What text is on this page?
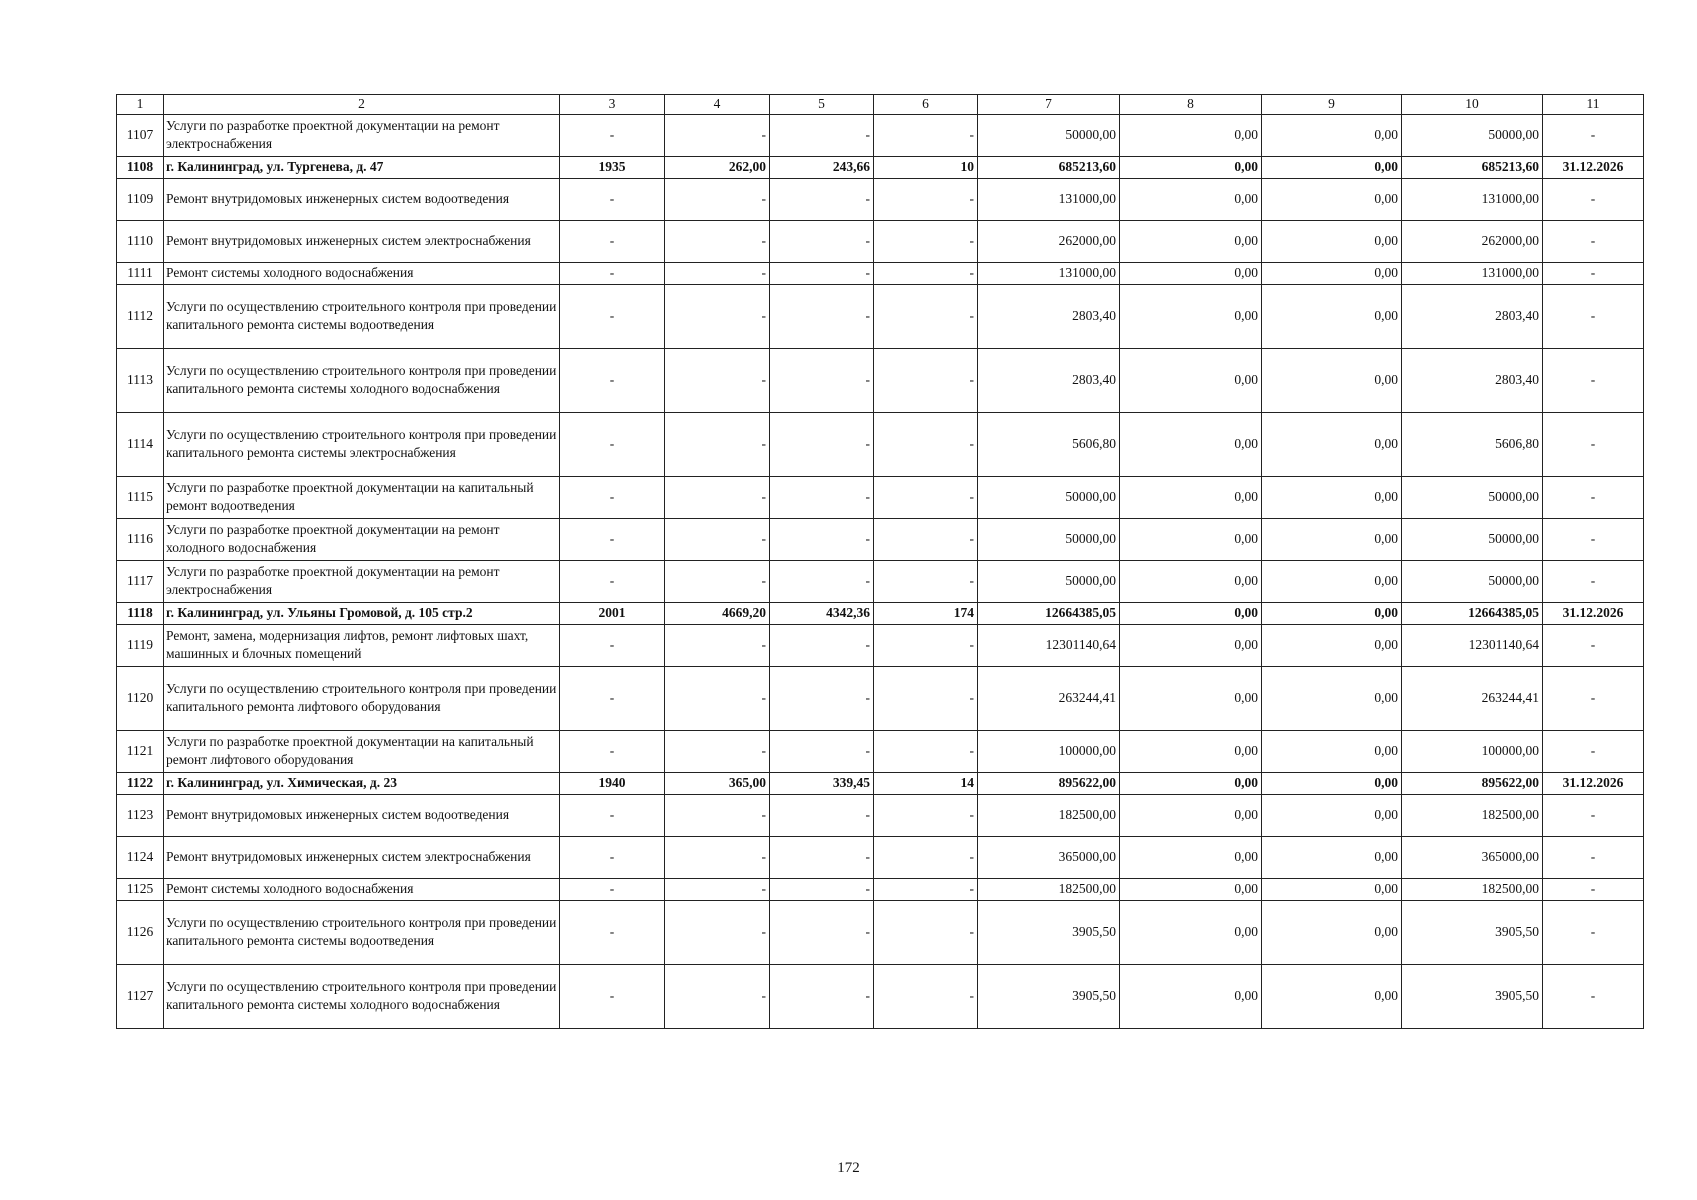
1	2	3	4	5	6	7	8	9	10	11
1107	Услуги по разработке проектной документации на ремонт электроснабжения	-	-	-	-	50000,00	0,00	0,00	50000,00	-
1108	г. Калининград, ул. Тургенева, д. 47	1935	262,00	243,66	10	685213,60	0,00	0,00	685213,60	31.12.2026
1109	Ремонт внутридомовых инженерных систем водоотведения	-	-	-	-	131000,00	0,00	0,00	131000,00	-
1110	Ремонт внутридомовых инженерных систем электроснабжения	-	-	-	-	262000,00	0,00	0,00	262000,00	-
1111	Ремонт системы холодного водоснабжения	-	-	-	-	131000,00	0,00	0,00	131000,00	-
1112	Услуги по осуществлению строительного контроля при проведении капитального ремонта системы водоотведения	-	-	-	-	2803,40	0,00	0,00	2803,40	-
1113	Услуги по осуществлению строительного контроля при проведении капитального ремонта системы холодного водоснабжения	-	-	-	-	2803,40	0,00	0,00	2803,40	-
1114	Услуги по осуществлению строительного контроля при проведении капитального ремонта системы электроснабжения	-	-	-	-	5606,80	0,00	0,00	5606,80	-
1115	Услуги по разработке проектной документации на капитальный ремонт водоотведения	-	-	-	-	50000,00	0,00	0,00	50000,00	-
1116	Услуги по разработке проектной документации на ремонт холодного водоснабжения	-	-	-	-	50000,00	0,00	0,00	50000,00	-
1117	Услуги по разработке проектной документации на ремонт электроснабжения	-	-	-	-	50000,00	0,00	0,00	50000,00	-
1118	г. Калининград, ул. Ульяны Громовой, д. 105 стр.2	2001	4669,20	4342,36	174	12664385,05	0,00	0,00	12664385,05	31.12.2026
1119	Ремонт, замена, модернизация лифтов, ремонт лифтовых шахт, машинных и блочных помещений	-	-	-	-	12301140,64	0,00	0,00	12301140,64	-
1120	Услуги по осуществлению строительного контроля при проведении капитального ремонта лифтового оборудования	-	-	-	-	263244,41	0,00	0,00	263244,41	-
1121	Услуги по разработке проектной документации на капитальный ремонт лифтового оборудования	-	-	-	-	100000,00	0,00	0,00	100000,00	-
1122	г. Калининград, ул. Химическая, д. 23	1940	365,00	339,45	14	895622,00	0,00	0,00	895622,00	31.12.2026
1123	Ремонт внутридомовых инженерных систем водоотведения	-	-	-	-	182500,00	0,00	0,00	182500,00	-
1124	Ремонт внутридомовых инженерных систем электроснабжения	-	-	-	-	365000,00	0,00	0,00	365000,00	-
1125	Ремонт системы холодного водоснабжения	-	-	-	-	182500,00	0,00	0,00	182500,00	-
1126	Услуги по осуществлению строительного контроля при проведении капитального ремонта системы водоотведения	-	-	-	-	3905,50	0,00	0,00	3905,50	-
1127	Услуги по осуществлению строительного контроля при проведении капитального ремонта системы холодного водоснабжения	-	-	-	-	3905,50	0,00	0,00	3905,50	-
172
